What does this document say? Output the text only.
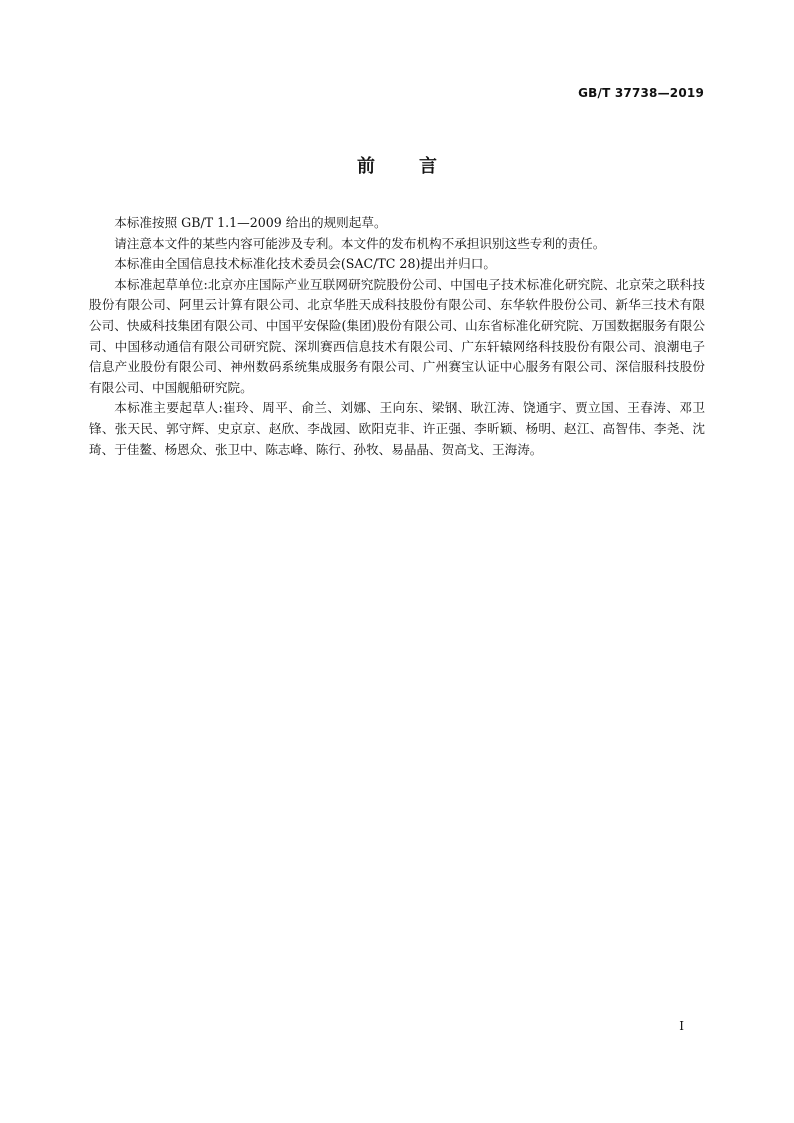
GB/T 37738—2019
前言

本标准按照 GB/T 1.1—2009 给出的规则起草。

请注意本文件的某些内容可能涉及专利。本文件的发布机构不承担识别这些专利的责任。

本标准由全国信息技术标准化技术委员会(SAC/TC 28)提出并归口。

本标准起草单位:北京亦庄国际产业互联网研究院股份公司、中国电子技术标准化研究院、北京荣之联科技股份有限公司、阿里云计算有限公司、北京华胜天成科技股份有限公司、东华软件股份公司、新华三技术有限公司、快威科技集团有限公司、中国平安保险(集团)股份有限公司、山东省标准化研究院、万国数据服务有限公司、中国移动通信有限公司研究院、深圳赛西信息技术有限公司、广东轩辕网络科技股份有限公司、浪潮电子信息产业股份有限公司、神州数码系统集成服务有限公司、广州赛宝认证中心服务有限公司、深信服科技股份有限公司、中国舰船研究院。

本标准主要起草人:崔玲、周平、俞兰、刘娜、王向东、梁钢、耿江涛、饶通宇、贾立国、王春涛、邓卫锋、张天民、郭守辉、史京京、赵欣、李战园、欧阳克非、许正强、李昕颖、杨明、赵江、高智伟、李尧、沈琦、于佳鳌、杨恩众、张卫中、陈志峰、陈行、孙牧、易晶晶、贺高戈、王海涛。

I
